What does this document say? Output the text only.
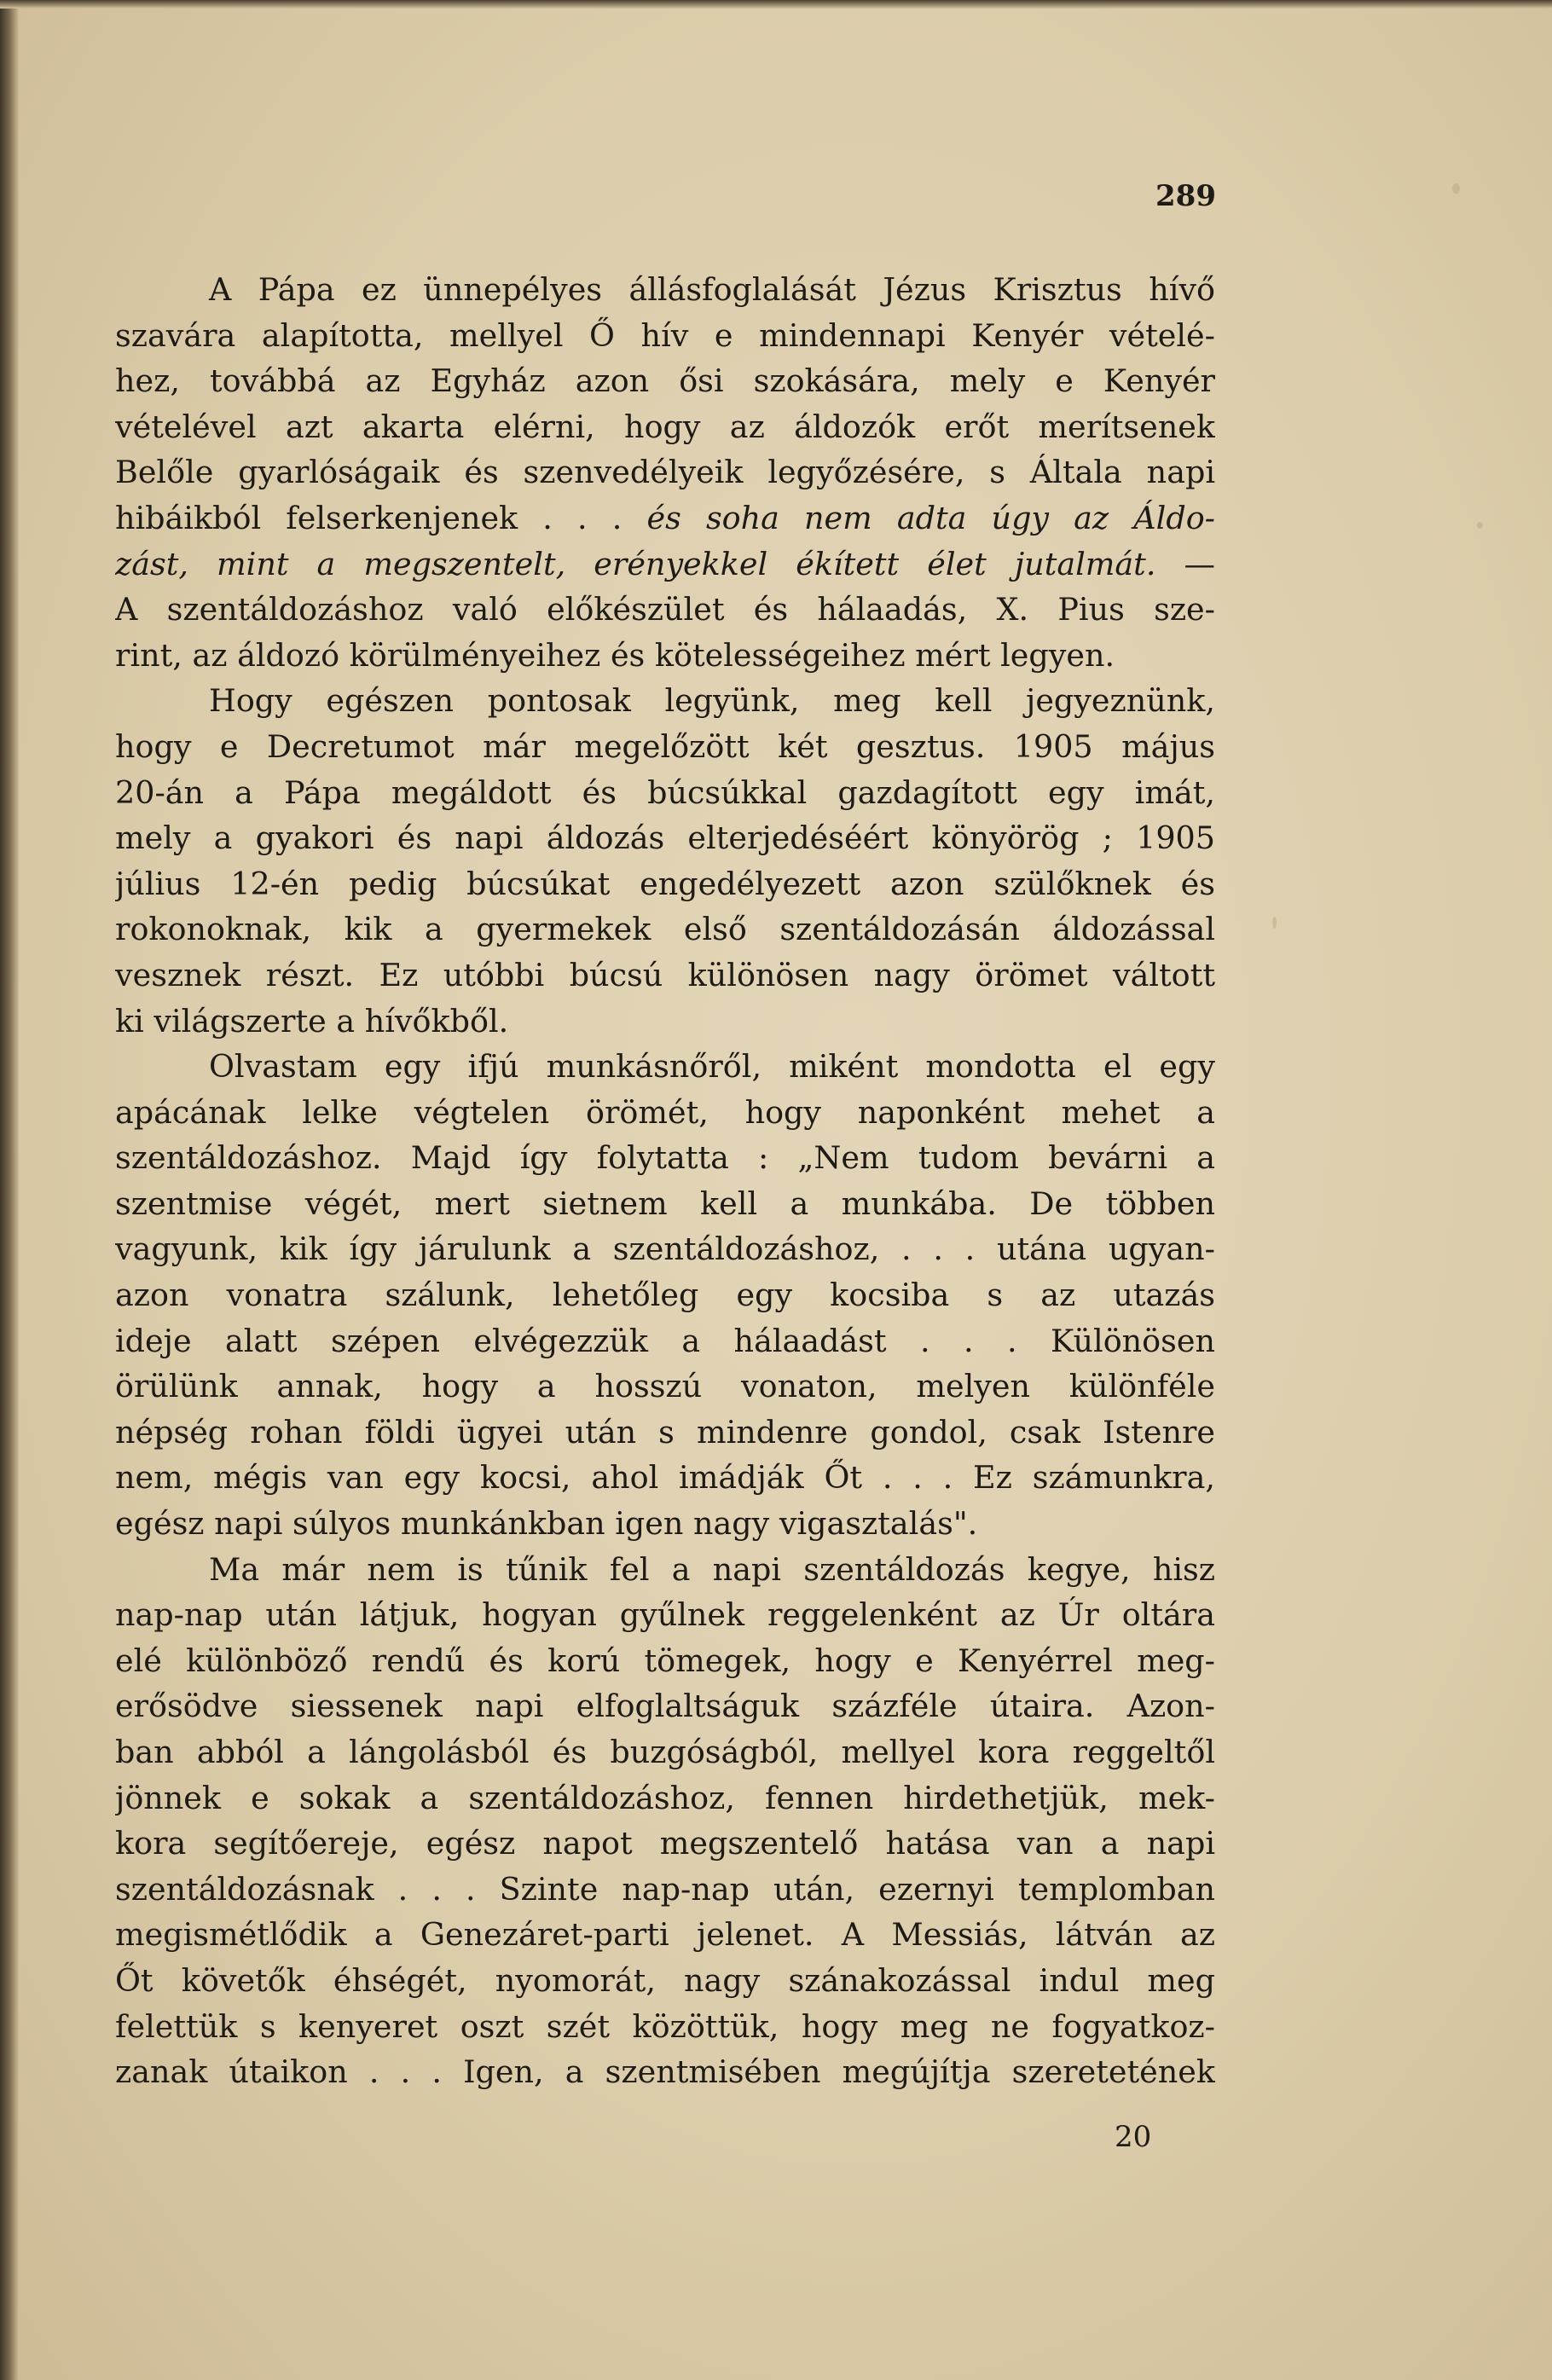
289
A Pápa ez ünnepélyes állásfoglalását Jézus Krisztus hívő
szavára alapította, mellyel Ő hív e mindennapi Kenyér vételé-
hez, továbbá az Egyház azon ősi szokására, mely e Kenyér
vételével azt akarta elérni, hogy az áldozók erőt merítsenek
Belőle gyarlóságaik és szenvedélyeik legyőzésére, s Általa napi
hibáikból felserkenjenek . . . és soha nem adta úgy az Áldo-
zást, mint a megszentelt, erényekkel ékített élet jutalmát. —
A szentáldozáshoz való előkészület és hálaadás, X. Pius sze-
rint, az áldozó körülményeihez és kötelességeihez mért legyen.
Hogy egészen pontosak legyünk, meg kell jegyeznünk,
hogy e Decretumot már megelőzött két gesztus. 1905 május
20-án a Pápa megáldott és búcsúkkal gazdagított egy imát,
mely a gyakori és napi áldozás elterjedéséért könyörög ; 1905
július 12-én pedig búcsúkat engedélyezett azon szülőknek és
rokonoknak, kik a gyermekek első szentáldozásán áldozással
vesznek részt. Ez utóbbi búcsú különösen nagy örömet váltott
ki világszerte a hívőkből.
Olvastam egy ifjú munkásnőről, miként mondotta el egy
apácának lelke végtelen örömét, hogy naponként mehet a
szentáldozáshoz. Majd így folytatta : „Nem tudom bevárni a
szentmise végét, mert sietnem kell a munkába. De többen
vagyunk, kik így járulunk a szentáldozáshoz, . . . utána ugyan-
azon vonatra szálunk, lehetőleg egy kocsiba s az utazás
ideje alatt szépen elvégezzük a hálaadást . . . Különösen
örülünk annak, hogy a hosszú vonaton, melyen különféle
népség rohan földi ügyei után s mindenre gondol, csak Istenre
nem, mégis van egy kocsi, ahol imádják Őt . . . Ez számunkra,
egész napi súlyos munkánkban igen nagy vigasztalás".
Ma már nem is tűnik fel a napi szentáldozás kegye, hisz
nap-nap után látjuk, hogyan gyűlnek reggelenként az Úr oltára
elé különböző rendű és korú tömegek, hogy e Kenyérrel meg-
erősödve siessenek napi elfoglaltságuk százféle útaira. Azon-
ban abból a lángolásból és buzgóságból, mellyel kora reggeltől
jönnek e sokak a szentáldozáshoz, fennen hirdethetjük, mek-
kora segítőereje, egész napot megszentelő hatása van a napi
szentáldozásnak . . . Szinte nap-nap után, ezernyi templomban
megismétlődik a Genezáret-parti jelenet. A Messiás, látván az
Őt követők éhségét, nyomorát, nagy szánakozással indul meg
felettük s kenyeret oszt szét közöttük, hogy meg ne fogyatkoz-
zanak útaikon . . . Igen, a szentmisében megújítja szeretetének
20
